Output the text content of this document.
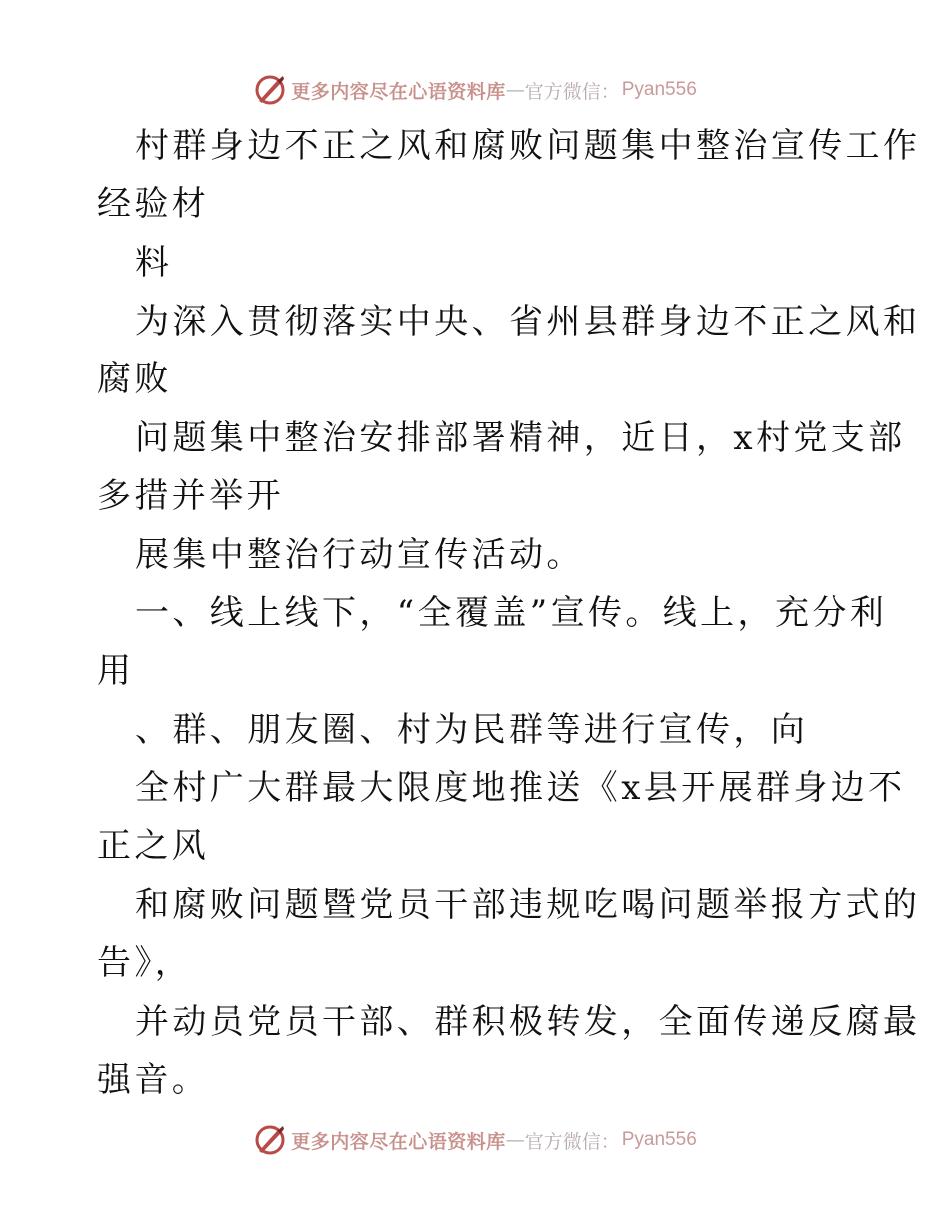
更多内容尽在心语资料库 — 官方微信： Pyan556
村群身边不正之风和腐败问题集中整治宣传工作
经验材
料
为深入贯彻落实中央、省州县群身边不正之风和
腐败
问题集中整治安排部署精神，近日，x村党支部
多措并举开
展集中整治行动宣传活动。
一、线上线下，“全覆盖”宣传。线上，充分利
用
、群、朋友圈、村为民群等进行宣传，向
全村广大群最大限度地推送《x县开展群身边不
正之风
和腐败问题暨党员干部违规吃喝问题举报方式的
告》，
并动员党员干部、群积极转发，全面传递反腐最
强音。
更多内容尽在心语资料库 — 官方微信： Pyan556
